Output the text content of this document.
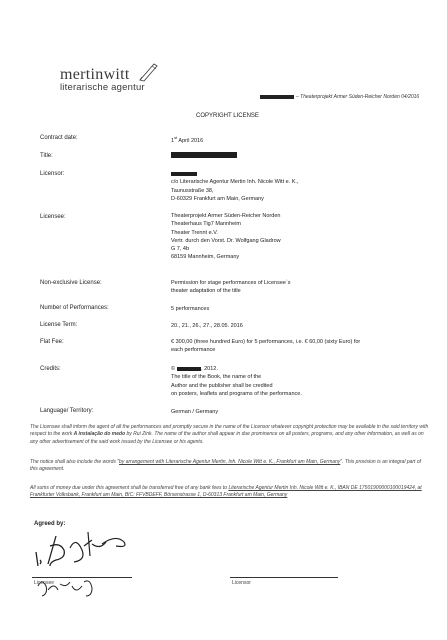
mertinwitt
literarische agentur
– Theaterprojekt Armer Süden-Reicher Norden 04/2016
COPYRIGHT LICENSE
Contract date:	1st April 2016
Title:
Licensor:
c/o Literarische Agentur Mertin Inh. Nicole Witt e. K.,
Taunusstraße 38,
D-60329 Frankfurt am Main, Germany
Licensee:	Theaterprojekt Armer Süden-Reicher Norden
Theaterhaus Tig7 Mannheim
Theater Trennt e.V.
Vertr. durch den Vorst. Dr. Wolfgang Gladrow
G 7, 4b
68159 Mannheim, Germany
Non-exclusive License:	Permission for stage performances of Licensee`s
theater adaptation of the title
Number of Performances:	5 performances
License Term:	20., 21., 26., 27., 28.05. 2016
Flat Fee:	€ 300,00 (three hundred Euro) for 5 performances, i.e. € 60,00 (sixty Euro) for
each performance
Credits:	©	, 2012.
The title of the Book, the name of the
Author and the publisher shall be credited
on posters, leaflets and programs of the performance.
Language/ Territory:	German / Germany
The Licensee shall inform the agent of all the performances and promptly secure in the name of the Licensor whatever copyright protection may be available in the said territory with respect to the work A instalação do medo by Rui Zink. The name of the author shall appear in due prominence on all posters, programs, and any other information, as well as on any other advertisement of the said work issued by the Licensee or his agents.
The notice shall also include the words "by arrangement with Literarische Agentur Mertin, Inh. Nicole Witt e. K., Frankfurt am Main, Germany". This provision is an integral part of this agreement.
All sums of money due under this agreement shall be transferred free of any bank fees to Literarische Agentur Mertin Inh. Nicole Witt e. K., IBAN DE 17501900000100019424, at Frankfurter Volksbank, Frankfurt am Main, BIC: FFVBDEFF, Börsenstrasse 1, D-60313 Frankfurt am Main, Germany
Agreed by:
Licensee	Licensor
